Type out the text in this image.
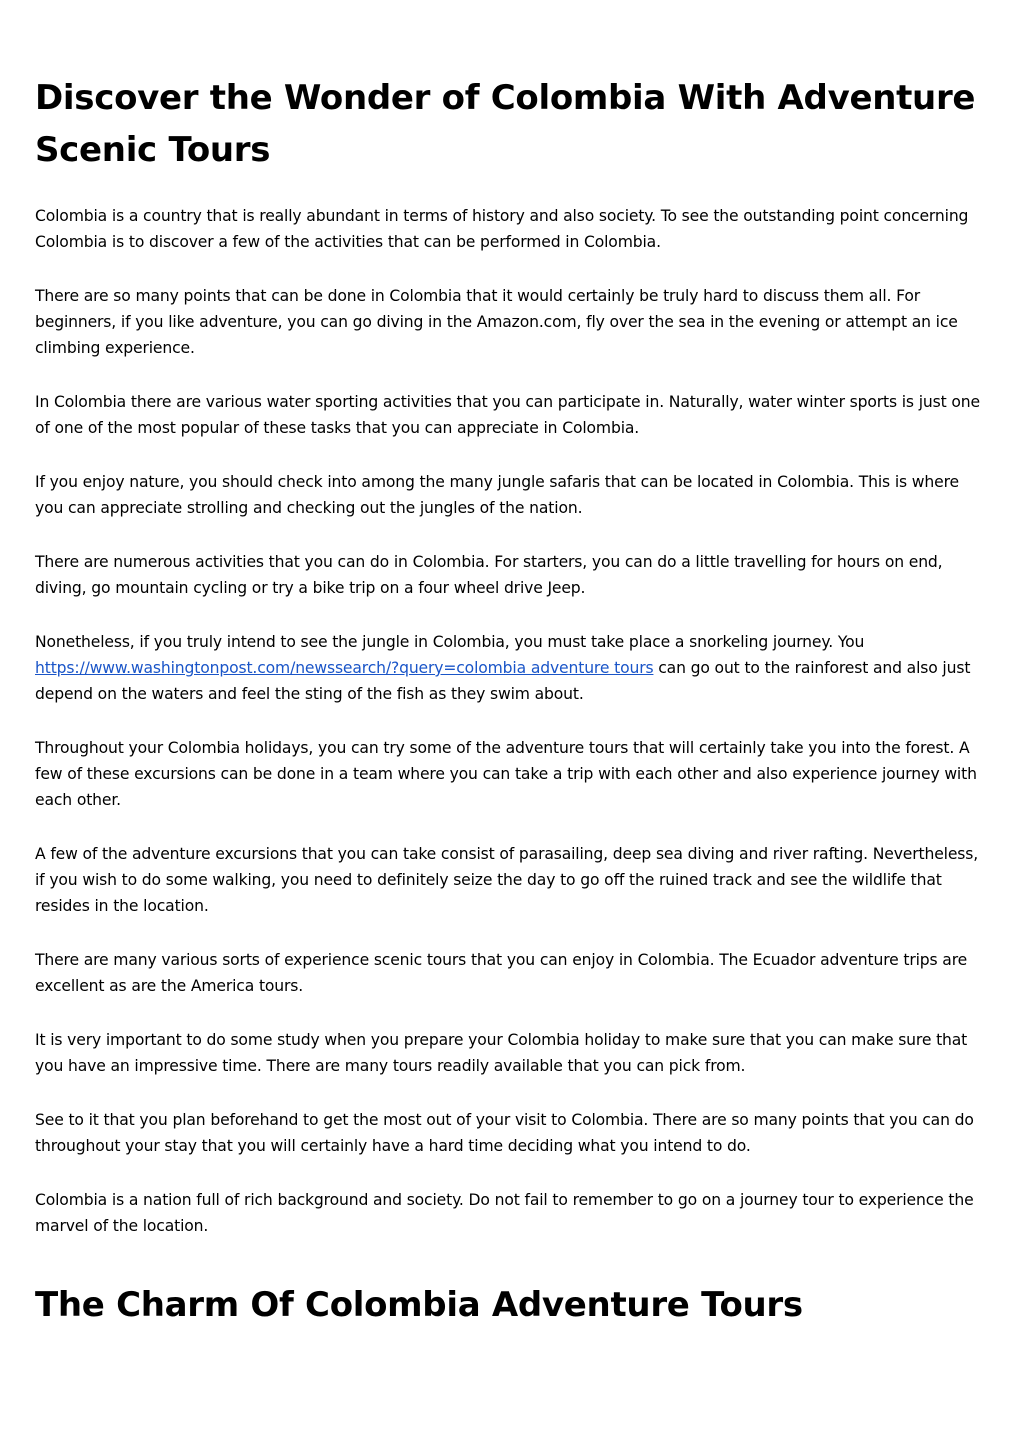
Discover the Wonder of Colombia With Adventure Scenic Tours

Colombia is a country that is really abundant in terms of history and also society. To see the outstanding point concerning Colombia is to discover a few of the activities that can be performed in Colombia.

There are so many points that can be done in Colombia that it would certainly be truly hard to discuss them all. For beginners, if you like adventure, you can go diving in the Amazon.com, fly over the sea in the evening or attempt an ice climbing experience.

In Colombia there are various water sporting activities that you can participate in. Naturally, water winter sports is just one of one of the most popular of these tasks that you can appreciate in Colombia.

If you enjoy nature, you should check into among the many jungle safaris that can be located in Colombia. This is where you can appreciate strolling and checking out the jungles of the nation.

There are numerous activities that you can do in Colombia. For starters, you can do a little travelling for hours on end, diving, go mountain cycling or try a bike trip on a four wheel drive Jeep.

Nonetheless, if you truly intend to see the jungle in Colombia, you must take place a snorkeling journey. You https://www.washingtonpost.com/newssearch/?query=colombia adventure tours can go out to the rainforest and also just depend on the waters and feel the sting of the fish as they swim about.

Throughout your Colombia holidays, you can try some of the adventure tours that will certainly take you into the forest. A few of these excursions can be done in a team where you can take a trip with each other and also experience journey with each other.

A few of the adventure excursions that you can take consist of parasailing, deep sea diving and river rafting. Nevertheless, if you wish to do some walking, you need to definitely seize the day to go off the ruined track and see the wildlife that resides in the location.

There are many various sorts of experience scenic tours that you can enjoy in Colombia. The Ecuador adventure trips are excellent as are the America tours.

It is very important to do some study when you prepare your Colombia holiday to make sure that you can make sure that you have an impressive time. There are many tours readily available that you can pick from.

See to it that you plan beforehand to get the most out of your visit to Colombia. There are so many points that you can do throughout your stay that you will certainly have a hard time deciding what you intend to do.

Colombia is a nation full of rich background and society. Do not fail to remember to go on a journey tour to experience the marvel of the location.

The Charm Of Colombia Adventure Tours
